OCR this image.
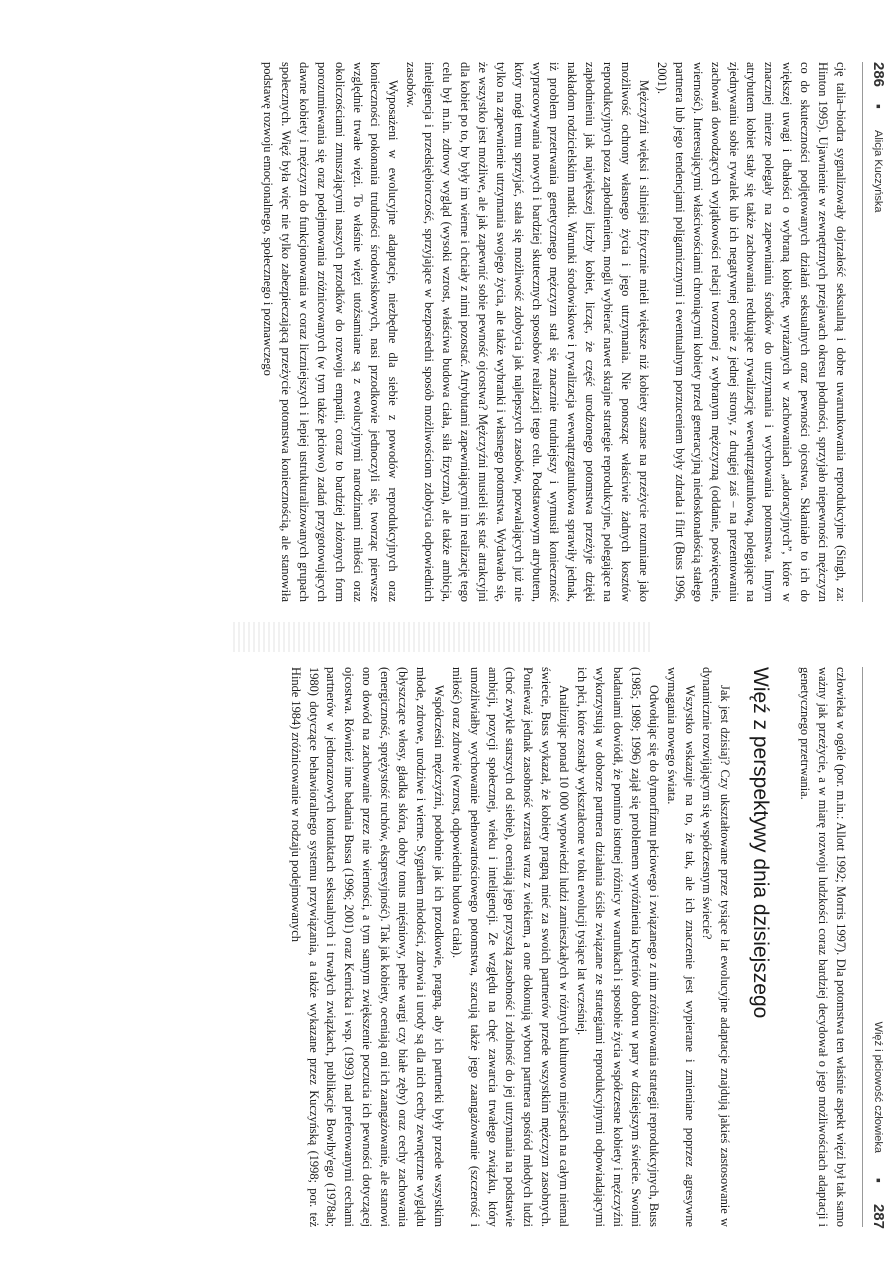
286
▪
Alicja Kuczyńska

cję talia–biodra sygnalizowały dojrzałość seksualną i dobre uwarunkowania reprodukcyjne (Singh, za: Hinton 1995). Ujawnienie w zewnętrznych przejawach okresu płodności, sprzyjało niepewności mężczyzn co do skuteczności podjętowanych działań seksualnych oraz pewności ojcostwa. Skłaniało to ich do większej uwagi i dbałości o wybraną kobietę, wyrażanych w zachowaniach „adoracyjnych”, które w znacznej mierze polegały na zapewnianiu środków do utrzymania i wychowania potomstwa. Innym atrybutem kobiet stały się także zachowania redukujące rywalizację wewnątrzgatunkową, polegające na zjednywaniu sobie rywalek lub ich negatywnej ocenie z jednej strony, z drugiej zaś – na prezentowaniu zachowań dowodzących wyjątkowości relacji tworzonej z wybranym mężczyzną (oddanie, poświęcenie, wierność). Interesującymi właściwościami chroniącymi kobiety przed generacyjną niedoskonałością stałego partnera lub jego tendencjami poligamicznymi i ewentualnym porzuceniem były zdrada i flirt (Buss 1996, 2001).

Mężczyźni więksi i silniejsi fizycznie mieli większe niż kobiety szanse na przeżycie rozumiane jako możliwość ochrony własnego życia i jego utrzymania. Nie ponosząc właściwie żadnych kosztów reprodukcyjnych poza zapłodnieniem, mogli wybierać nawet skrajne strategie reprodukcyjne, polegające na zapłodnieniu jak największej liczby kobiet, licząc, że część urodzonego potomstwa przeżyje dzięki nakładom rodzicielskim matki. Warunki środowiskowe i rywalizacja wewnątrzgatunkowa sprawiły jednak, iż problem przetrwania genetycznego mężczyzn stał się znacznie trudniejszy i wymusił konieczność wypracowywania nowych i bardziej skutecznych sposobów realizacji tego celu. Podstawowym atrybutem, który mógł temu sprzyjać, stała się możliwość zdobycia jak najlepszych zasobów, pozwalających już nie tylko na zapewnienie utrzymania swojego życia, ale także wybranki i własnego potomstwa. Wydawało się, że wszystko jest możliwe, ale jak zapewnić sobie pewność ojcostwa? Mężczyźni musieli się stać atrakcyjni dla kobiet po to, by były im wierne i chciały z nimi pozostać. Atrybutami zapewniającymi im realizację tego celu był m.in. zdrowy wygląd (wysoki wzrost, właściwa budowa ciała, siła fizyczna), ale także ambicja, inteligencja i przedsiębiorczość, sprzyjające w bezpośredni sposób możliwościom zdobycia odpowiednich zasobów.

Wyposażeni w ewolucyjne adaptacje, niezbędne dla siebie z powodów reprodukcyjnych oraz konieczności pokonania trudności środowiskowych, nasi przodkowie jednoczyli się, tworząc pierwsze względnie trwałe więzi. To właśnie więzi utożsamiane są z ewolucyjnymi narodzinami miłości oraz okoliczościami zmuszającymi naszych przodków do rozwoju empatii, coraz to bardziej złożonych form porozumiewania się oraz podejmowania zróżnicowanych (w tym także płciowo) zadań przygotowujących dawne kobiety i mężczyzn do funkcjonowania w coraz liczniejszych i lepiej ustrukturalizowanych grupach społecznych. Więź była więc nie tylko zabezpieczającą przeżycie potomstwa koniecznością, ale stanowiła podstawę rozwoju emocjonalnego, społecznego i poznawczego

Więź i płciowość człowieka
▪
287

człowieka w ogóle (por. m.in.: Allott 1992; Morris 1997). Dla potomstwa ten właśnie aspekt więzi był tak samo ważny jak przeżycie, a w miarę rozwoju ludzkości coraz bardziej decydował o jego możliwościach adaptacji i genetycznego przetrwania.

Więź z perspektywy dnia dzisiejszego

Jak jest dzisiaj? Czy ukształtowane przez tysiące lat ewolucyjne adaptacje znajdują jakieś zastosowanie w dynamicznie rozwijającym się współczesnym świecie?

Wszystko wskazuje na to, że tak, ale ich znaczenie jest wypierane i zmieniane poprzez agresywne wymagania nowego świata.

Odwołując się do dymorfizmu płciowego i związanego z nim zróżnicowania strategii reprodukcyjnych, Buss (1985; 1989; 1996) zajął się problemem wyróżnienia kryteriów doboru w pary w dzisiejszym świecie. Swoimi badaniami dowiódł, że pomimo istotnej różnicy w warunkach i sposobie życia współczesne kobiety i mężczyźni wykorzystują w doborze partnera działania ściśle związane ze strategiami reprodukcyjnymi odpowiadającymi ich płci, które zostały wykształcone w toku ewolucji tysiące lat wcześniej.

Analizując ponad 10 000 wypowiedzi ludzi zamieszkałych w różnych kulturowo miejscach na całym niemal świecie, Buss wykazał, że kobiety pragną mieć za swoich partnerów przede wszystkim mężczyzn zasobnych. Ponieważ jednak zasobność wzrasta wraz z wiekiem, a one dokonują wyboru partnera spośród młodych ludzi (choć zwykle starszych od siebie), oceniają jego przyszłą zasobność i zdolność do jej utrzymania na podstawie ambicji, pozycji społecznej, wieku i inteligencji. Ze względu na chęć zawarcia trwałego związku, który umożliwiałby wychowanie pełnowartościowego potomstwa, szacują także jego zaangażowanie (szczerość i miłość) oraz zdrowie (wzrost, odpowiednia budowa ciała).

Współcześni mężczyźni, podobnie jak ich przodkowie, pragną, aby ich partnerki były przede wszystkim młode, zdrowe, urodziwe i wierne. Sygnałem młodości, zdrowia i urody są dla nich cechy zewnętrzne wyglądu (błyszczące włosy, gładka skóra, dobry tonus mięśniowy, pełne wargi czy białe zęby) oraz cechy zachowania (energiczność, sprężystość ruchów, ekspresyjność). Tak jak kobiety, oceniają oni ich zaangażowanie, ale stanowi ono dowód na zachowanie przez nie wierności, a tym samym zwiększenie poczucia ich pewności dotyczącej ojcostwa. Również inne badania Bussa (1996; 2001) oraz Kenricka i wsp. (1993) nad preferowanymi cechami partnerów w jednorazowych kontaktach seksualnych i trwałych związkach, publikacje Bowlby'ego (1978ab; 1980) dotyczące behawioralnego systemu przywiązania, a także wykazane przez Kuczyńską (1998; por. też Hinde 1984) zróżnicowanie w rodzaju podejmowanych
